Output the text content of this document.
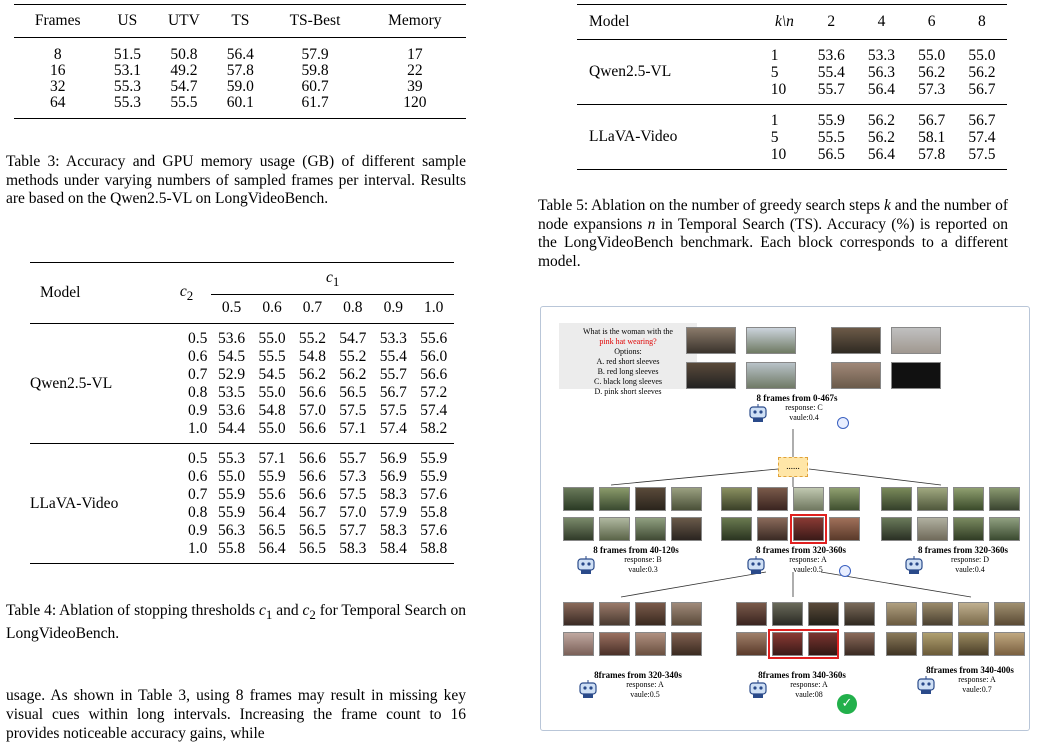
Frames	US	UTV	TS	TS-Best	Memory
8	51.5	50.8	56.4	57.9	17
16	53.1	49.2	57.8	59.8	22
32	55.3	54.7	59.0	60.7	39
64	55.3	55.5	60.1	61.7	120

Table 3: Accuracy and GPU memory usage (GB) of different sample methods under varying numbers of sampled frames per interval. Results are based on the Qwen2.5-VL on LongVideoBench.

Model	$c_2$	$c_1$
		0.5	0.6	0.7	0.8	0.9	1.0
Qwen2.5-VL	0.5	53.6	55.0	55.2	54.7	53.3	55.6
	0.6	54.5	55.5	54.8	55.2	55.4	56.0
	0.7	52.9	54.5	56.2	56.2	55.7	56.6
	0.8	53.5	55.0	56.6	56.5	56.7	57.2
	0.9	53.6	54.8	57.0	57.5	57.5	57.4
	1.0	54.4	55.0	56.6	57.1	57.4	58.2
LLaVA-Video	0.5	55.3	57.1	56.6	55.7	56.9	55.9
	0.6	55.0	55.9	56.6	57.3	56.9	55.9
	0.7	55.9	55.6	56.6	57.5	58.3	57.6
	0.8	55.9	56.4	56.7	57.0	57.9	55.8
	0.9	56.3	56.5	56.5	57.7	58.3	57.6
	1.0	55.8	56.4	56.5	58.3	58.4	58.8

Table 4: Ablation of stopping thresholds $c_1$ and $c_2$ for Temporal Search on LongVideoBench.

usage. As shown in Table 3, using 8 frames may result in missing key visual cues within long intervals. Increasing the frame count to 16 provides noticeable accuracy gains, while

Model	k\n	2	4	6	8
Qwen2.5-VL	1	53.6	53.3	55.0	55.0
	5	55.4	56.3	56.2	56.2
	10	55.7	56.4	57.3	56.7
LLaVA-Video	1	55.9	56.2	56.7	56.7
	5	55.5	56.2	58.1	57.4
	10	56.5	56.4	57.8	57.5

Table 5: Ablation on the number of greedy search steps k and the number of node expansions n in Temporal Search (TS). Accuracy (%) is reported on the LongVideoBench benchmark. Each block corresponds to a different model.

What is the woman with the
pink hat wearing?
Options:
A. red short sleeves
B. red long sleeves
C. black long sleeves
D. pink short sleeves
8 frames from 0-467s
response: C
vaule:0.4
......
8 frames from 40-120s
response: B
vaule:0.3
8 frames from 320-360s
response: A
vaule:0.5
8 frames from 320-360s
response: D
vaule:0.4
8frames from 320-340s
response: A
vaule:0.5
8frames from 340-360s
response: A
vaule:08
✓
8frames from 340-400s
response: A
vaule:0.7
